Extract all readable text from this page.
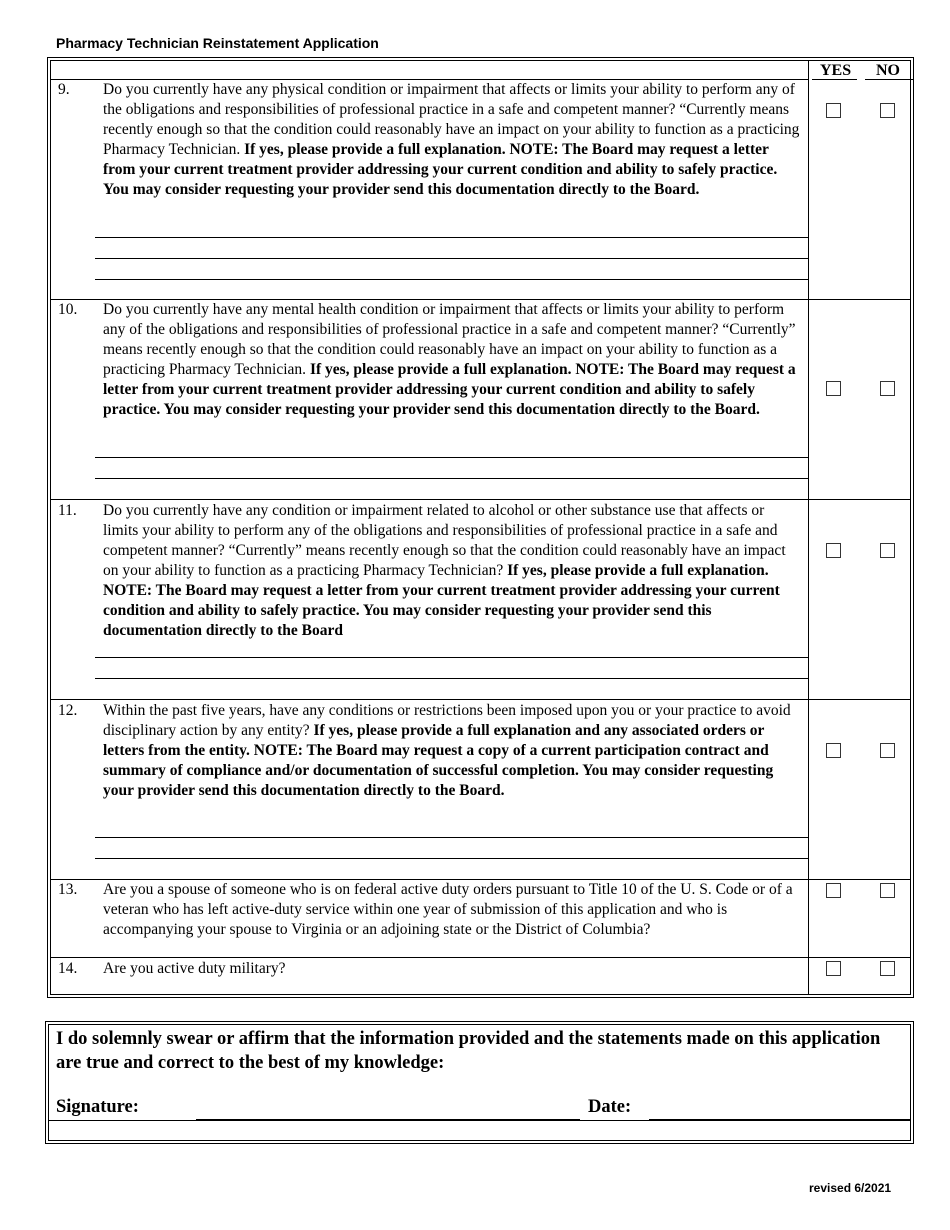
Pharmacy Technician Reinstatement Application
YES NO
9. Do you currently have any physical condition or impairment that affects or limits your ability to perform any of the obligations and responsibilities of professional practice in a safe and competent manner? “Currently means recently enough so that the condition could reasonably have an impact on your ability to function as a practicing Pharmacy Technician. If yes, please provide a full explanation. NOTE: The Board may request a letter from your current treatment provider addressing your current condition and ability to safely practice. You may consider requesting your provider send this documentation directly to the Board.
10. Do you currently have any mental health condition or impairment that affects or limits your ability to perform any of the obligations and responsibilities of professional practice in a safe and competent manner? “Currently” means recently enough so that the condition could reasonably have an impact on your ability to function as a practicing Pharmacy Technician. If yes, please provide a full explanation. NOTE: The Board may request a letter from your current treatment provider addressing your current condition and ability to safely practice. You may consider requesting your provider send this documentation directly to the Board.
11. Do you currently have any condition or impairment related to alcohol or other substance use that affects or limits your ability to perform any of the obligations and responsibilities of professional practice in a safe and competent manner? “Currently” means recently enough so that the condition could reasonably have an impact on your ability to function as a practicing Pharmacy Technician? If yes, please provide a full explanation. NOTE: The Board may request a letter from your current treatment provider addressing your current condition and ability to safely practice. You may consider requesting your provider send this documentation directly to the Board
12. Within the past five years, have any conditions or restrictions been imposed upon you or your practice to avoid disciplinary action by any entity? If yes, please provide a full explanation and any associated orders or letters from the entity. NOTE: The Board may request a copy of a current participation contract and summary of compliance and/or documentation of successful completion. You may consider requesting your provider send this documentation directly to the Board.
13. Are you a spouse of someone who is on federal active duty orders pursuant to Title 10 of the U. S. Code or of a veteran who has left active-duty service within one year of submission of this application and who is accompanying your spouse to Virginia or an adjoining state or the District of Columbia?
14. Are you active duty military?
I do solemnly swear or affirm that the information provided and the statements made on this application are true and correct to the best of my knowledge:
Signature:	Date:
revised 6/2021
